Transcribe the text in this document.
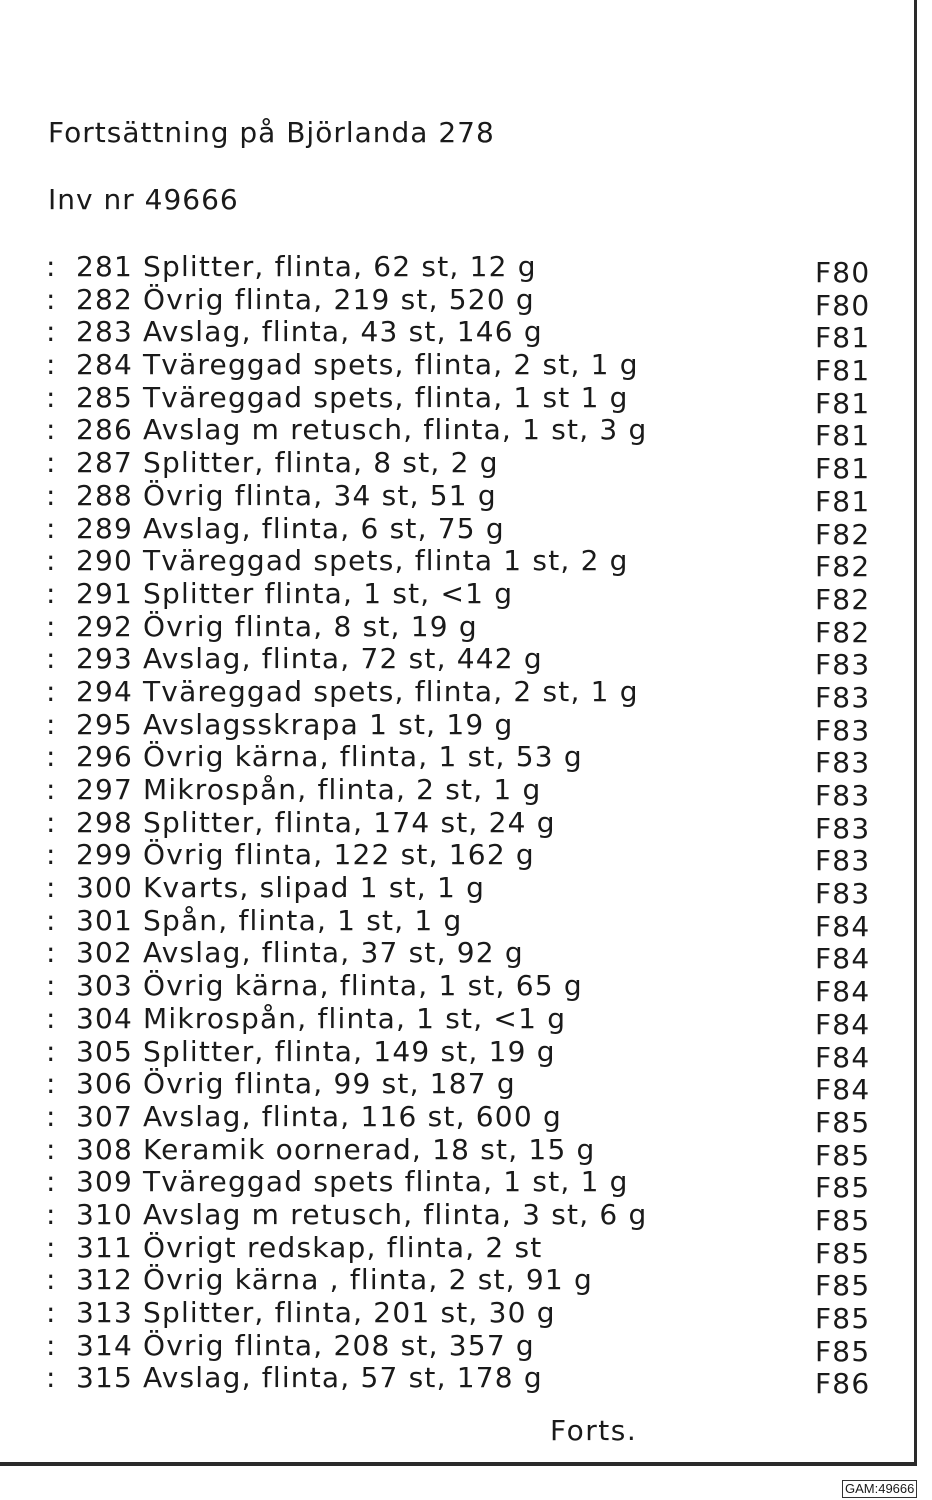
Fortsättning på Björlanda 278
Inv nr 49666
: 281 Splitter, flinta, 62 st, 12 g	F80
: 282 Övrig flinta, 219 st, 520 g	F80
: 283 Avslag, flinta, 43 st, 146 g	F81
: 284 Tväreggad spets, flinta, 2 st, 1 g	F81
: 285 Tväreggad spets, flinta, 1 st 1 g	F81
: 286 Avslag m retusch, flinta, 1 st, 3 g	F81
: 287 Splitter, flinta, 8 st, 2 g	F81
: 288 Övrig flinta, 34 st, 51 g	F81
: 289 Avslag, flinta, 6 st, 75 g	F82
: 290 Tväreggad spets, flinta 1 st, 2 g	F82
: 291 Splitter flinta, 1 st, <1 g	F82
: 292 Övrig flinta, 8 st, 19 g	F82
: 293 Avslag, flinta, 72 st, 442 g	F83
: 294 Tväreggad spets, flinta, 2 st, 1 g	F83
: 295 Avslagsskrapa 1 st, 19 g	F83
: 296 Övrig kärna, flinta, 1 st, 53 g	F83
: 297 Mikrospån, flinta, 2 st, 1 g	F83
: 298 Splitter, flinta, 174 st, 24 g	F83
: 299 Övrig flinta, 122 st, 162 g	F83
: 300 Kvarts, slipad 1 st, 1 g	F83
: 301 Spån, flinta, 1 st, 1 g	F84
: 302 Avslag, flinta, 37 st, 92 g	F84
: 303 Övrig kärna, flinta, 1 st, 65 g	F84
: 304 Mikrospån, flinta, 1 st, <1 g	F84
: 305 Splitter, flinta, 149 st, 19 g	F84
: 306 Övrig flinta, 99 st, 187 g	F84
: 307 Avslag, flinta, 116 st, 600 g	F85
: 308 Keramik oornerad, 18 st, 15 g	F85
: 309 Tväreggad spets flinta, 1 st, 1 g	F85
: 310 Avslag m retusch, flinta, 3 st, 6 g	F85
: 311 Övrigt redskap, flinta, 2 st	F85
: 312 Övrig kärna , flinta, 2 st, 91 g	F85
: 313 Splitter, flinta, 201 st, 30 g	F85
: 314 Övrig flinta, 208 st, 357 g	F85
: 315 Avslag, flinta, 57 st, 178 g	F86
Forts.
GAM:49666
